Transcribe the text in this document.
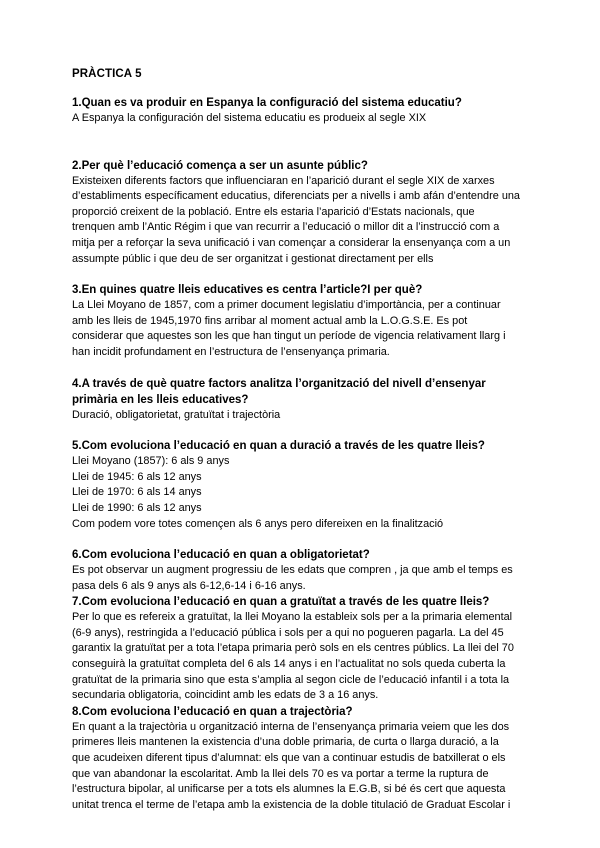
PRÀCTICA 5
1.Quan es va produir en Espanya la configuració del sistema educatiu?
A Espanya la configuración del sistema educatiu es produeix al segle XIX
2.Per què l’educació comença a ser un asunte públic?
Existeixen diferents factors que influenciaran en l’aparició durant el segle XIX de xarxes
d’establiments específicament educatius, diferenciats per a nivells i amb afán d’entendre una
proporció creixent de la població. Entre els estaria l’aparició d’Estats nacionals, que
trenquen amb l’Antic Régim i que van recurrir a l’educació o millor dit a l’instrucció com a
mitja per a reforçar la seva unificació i van començar a considerar la ensenyança com a un
assumpte públic i que deu de ser organitzat i gestionat directament per ells
3.En quines quatre lleis educatives es centra l’article?I per què?
La Llei Moyano de 1857, com a primer document legislatiu d’importància, per a continuar
amb les lleis de 1945,1970 fins arribar al moment actual amb la L.O.G.S.E. Es pot
considerar que aquestes son les que han tingut un període de vigencia relativament llarg i
han incidit profundament en l’estructura de l’ensenyança primaria.
4.A través de què quatre factors analitza l’organització del nivell d’ensenyar primària en les lleis educatives?
Duració, obligatorietat, gratuïtat i trajectòria
5.Com evoluciona l’educació en quan a duració a través de les quatre lleis?
Llei Moyano (1857): 6 als 9 anys
Llei de 1945: 6 als 12 anys
Llei de 1970: 6 als 14 anys
Llei de 1990: 6 als 12 anys
Com podem vore totes començen als 6 anys pero difereixen en la finalització
6.Com evoluciona l’educació en quan a obligatorietat?
Es pot observar un augment progressiu de les edats que compren , ja que amb el temps es
pasa dels 6 als 9 anys als 6-12,6-14 i 6-16 anys.
7.Com evoluciona l’educació en quan a gratuïtat a través de les quatre lleis?
Per lo que es refereix a gratuïtat, la llei Moyano la estableix sols per a la primaria elemental
(6-9 anys), restringida a l’educació pública i sols per a qui no pogueren pagarla. La del 45
garantix la gratuïtat per a tota l’etapa primaria però sols en els centres públics. La llei del 70
conseguirà la gratuïtat completa del 6 als 14 anys i en l’actualitat no sols queda cuberta la
gratuïtat de la primaria sino que esta s’amplia al segon cicle de l’educació infantil i a tota la
secundaria obligatoria, coincidint amb les edats de 3 a 16 anys.
8.Com evoluciona l’educació en quan a trajectòria?
En quant a la trajectòria u organització interna de l’ensenyança primaria veiem que les dos
primeres lleis mantenen la existencia d’una doble primaria, de curta o llarga duració, a la
que acudeixen diferent tipus d’alumnat: els que van a continuar estudis de batxillerat o els
que van abandonar la escolaritat. Amb la llei dels 70 es va portar a terme la ruptura de
l’estructura bipolar, al unificarse per a tots els alumnes la E.G.B, si bé és cert que aquesta
unitat trenca el terme de l’etapa amb la existencia de la doble titulació de Graduat Escolar i
